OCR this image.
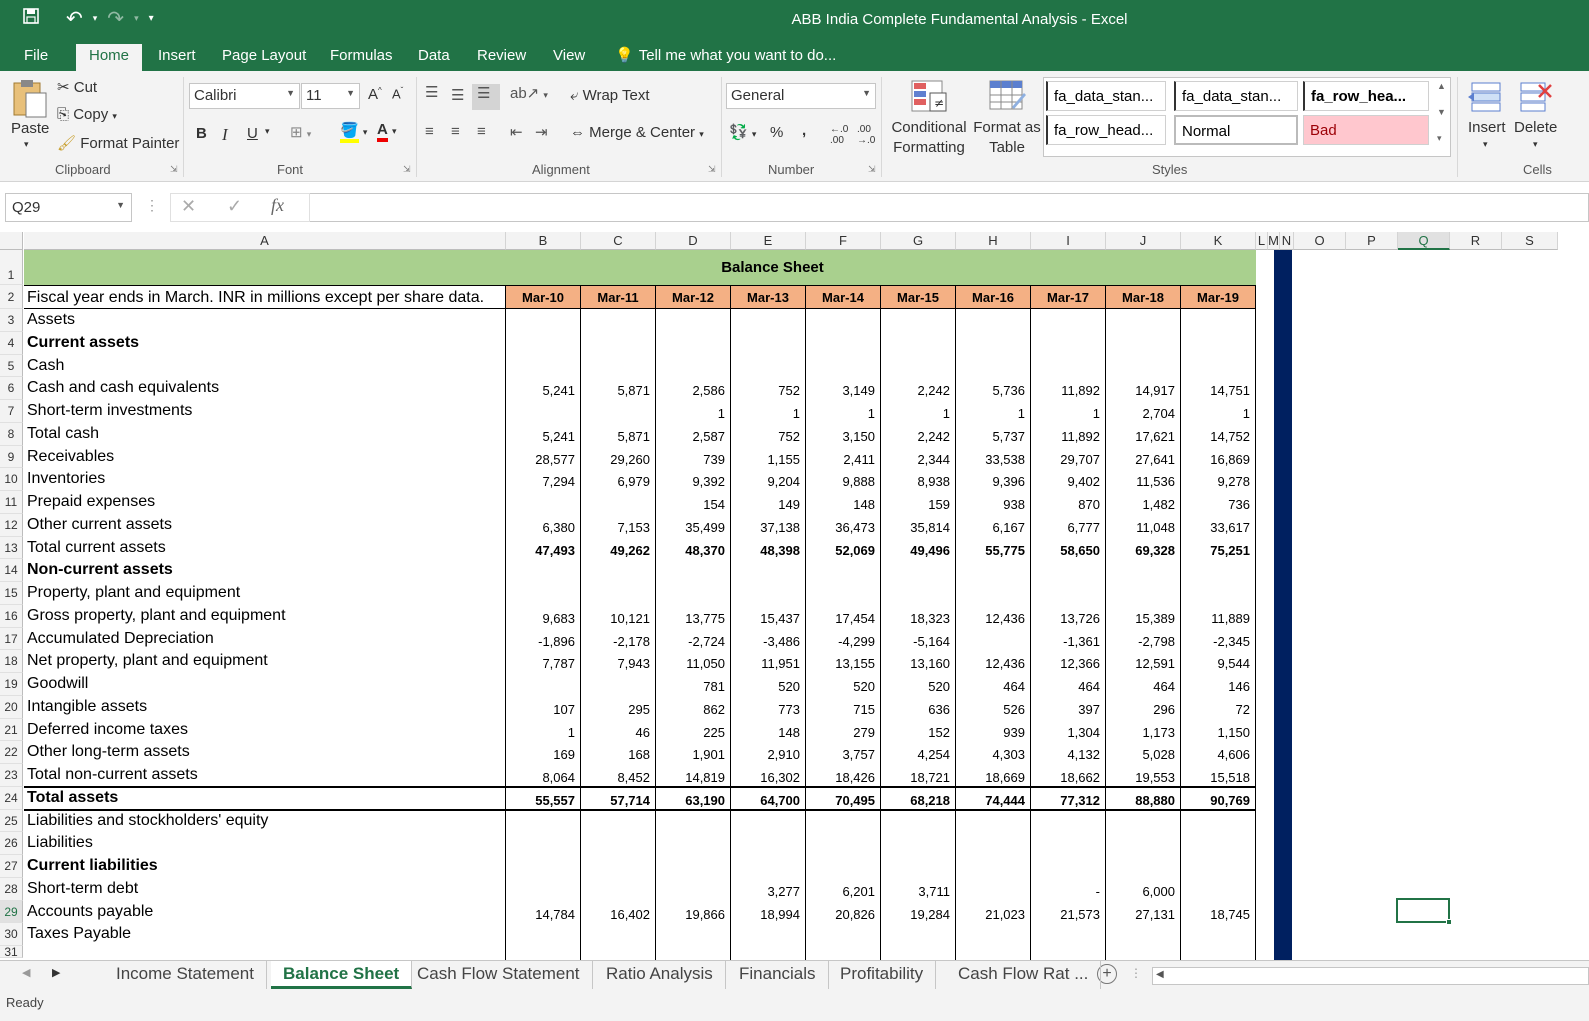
↶ ▾ ↷ ▾ ▾	ABB India Complete Fundamental Analysis - Excel
File	Home	Insert	Page Layout	Formulas	Data	Review	View	💡 Tell me what you want to do...
Paste
▾
✂ Cut
⎘ Copy ▾
🖌 Format Painter
Clipboard	⇲
Calibri	▼ 11	▼ A^ $A^ˇ$
B I U ▾ ⊞ ▾ 🪣 ▾ A ▾
Font	⇲
☰ ☰ ☰	ab↗ ▾
≡ ≡ ≡ ⇤ ⇥
⤶ Wrap Text
⇔ Merge & Center ▾
Alignment	⇲
General	▼
💱 ▾ % , ←.0
.00
.00
→.0
Number	⇲
≠
Conditional Formatting
Format as Table
fa_data_stan...	fa_data_stan...	fa_row_hea...
fa_row_head...	Normal	Bad
▲
▼
▾
Styles
Insert
▾
Delete
▾
Cells
Q29	▼ ⋮ ✕ ✓ fx
A	B	C	D	E	F	G	H	I	J	K	L M N	O	P	Q	R	S
1
2
3
4
5
6
7
8
9
10
11
12
13
14
15
16
17
18
19
20
21
22
23
24
25
26
27
28
29
30
31
Balance Sheet
Fiscal year ends in March. INR in millions except per share data.	Mar-10	Mar-11	Mar-12	Mar-13	Mar-14	Mar-15	Mar-16	Mar-17	Mar-18	Mar-19
Assets
Current assets
Cash
Cash and cash equivalents	5,241	5,871	2,586	752	3,149	2,242	5,736	11,892	14,917	14,751
Short-term investments	1	1	1	1	1	1	2,704	1
Total cash	5,241	5,871	2,587	752	3,150	2,242	5,737	11,892	17,621	14,752
Receivables	28,577	29,260	739	1,155	2,411	2,344	33,538	29,707	27,641	16,869
Inventories	7,294	6,979	9,392	9,204	9,888	8,938	9,396	9,402	11,536	9,278
Prepaid expenses	154	149	148	159	938	870	1,482	736
Other current assets	6,380	7,153	35,499	37,138	36,473	35,814	6,167	6,777	11,048	33,617
Total current assets	47,493	49,262	48,370	48,398	52,069	49,496	55,775	58,650	69,328	75,251
Non-current assets
Property, plant and equipment
Gross property, plant and equipment	9,683	10,121	13,775	15,437	17,454	18,323	12,436	13,726	15,389	11,889
Accumulated Depreciation	-1,896	-2,178	-2,724	-3,486	-4,299	-5,164	-1,361	-2,798	-2,345
Net property, plant and equipment	7,787	7,943	11,050	11,951	13,155	13,160	12,436	12,366	12,591	9,544
Goodwill	781	520	520	520	464	464	464	146
Intangible assets	107	295	862	773	715	636	526	397	296	72
Deferred income taxes	1	46	225	148	279	152	939	1,304	1,173	1,150
Other long-term assets	169	168	1,901	2,910	3,757	4,254	4,303	4,132	5,028	4,606
Total non-current assets	8,064	8,452	14,819	16,302	18,426	18,721	18,669	18,662	19,553	15,518
Total assets	55,557	57,714	63,190	64,700	70,495	68,218	74,444	77,312	88,880	90,769
Liabilities and stockholders' equity
Liabilities
Current liabilities
Short-term debt	3,277	6,201	3,711	-	6,000
Accounts payable	14,784	16,402	19,866	18,994	20,826	19,284	21,023	21,573	27,131	18,745
Taxes Payable
◀ ▶	+	⋮ ◀
Income Statement	Balance Sheet	Cash Flow Statement	Ratio Analysis	Financials	Profitability	Cash Flow Rat ...
Ready
